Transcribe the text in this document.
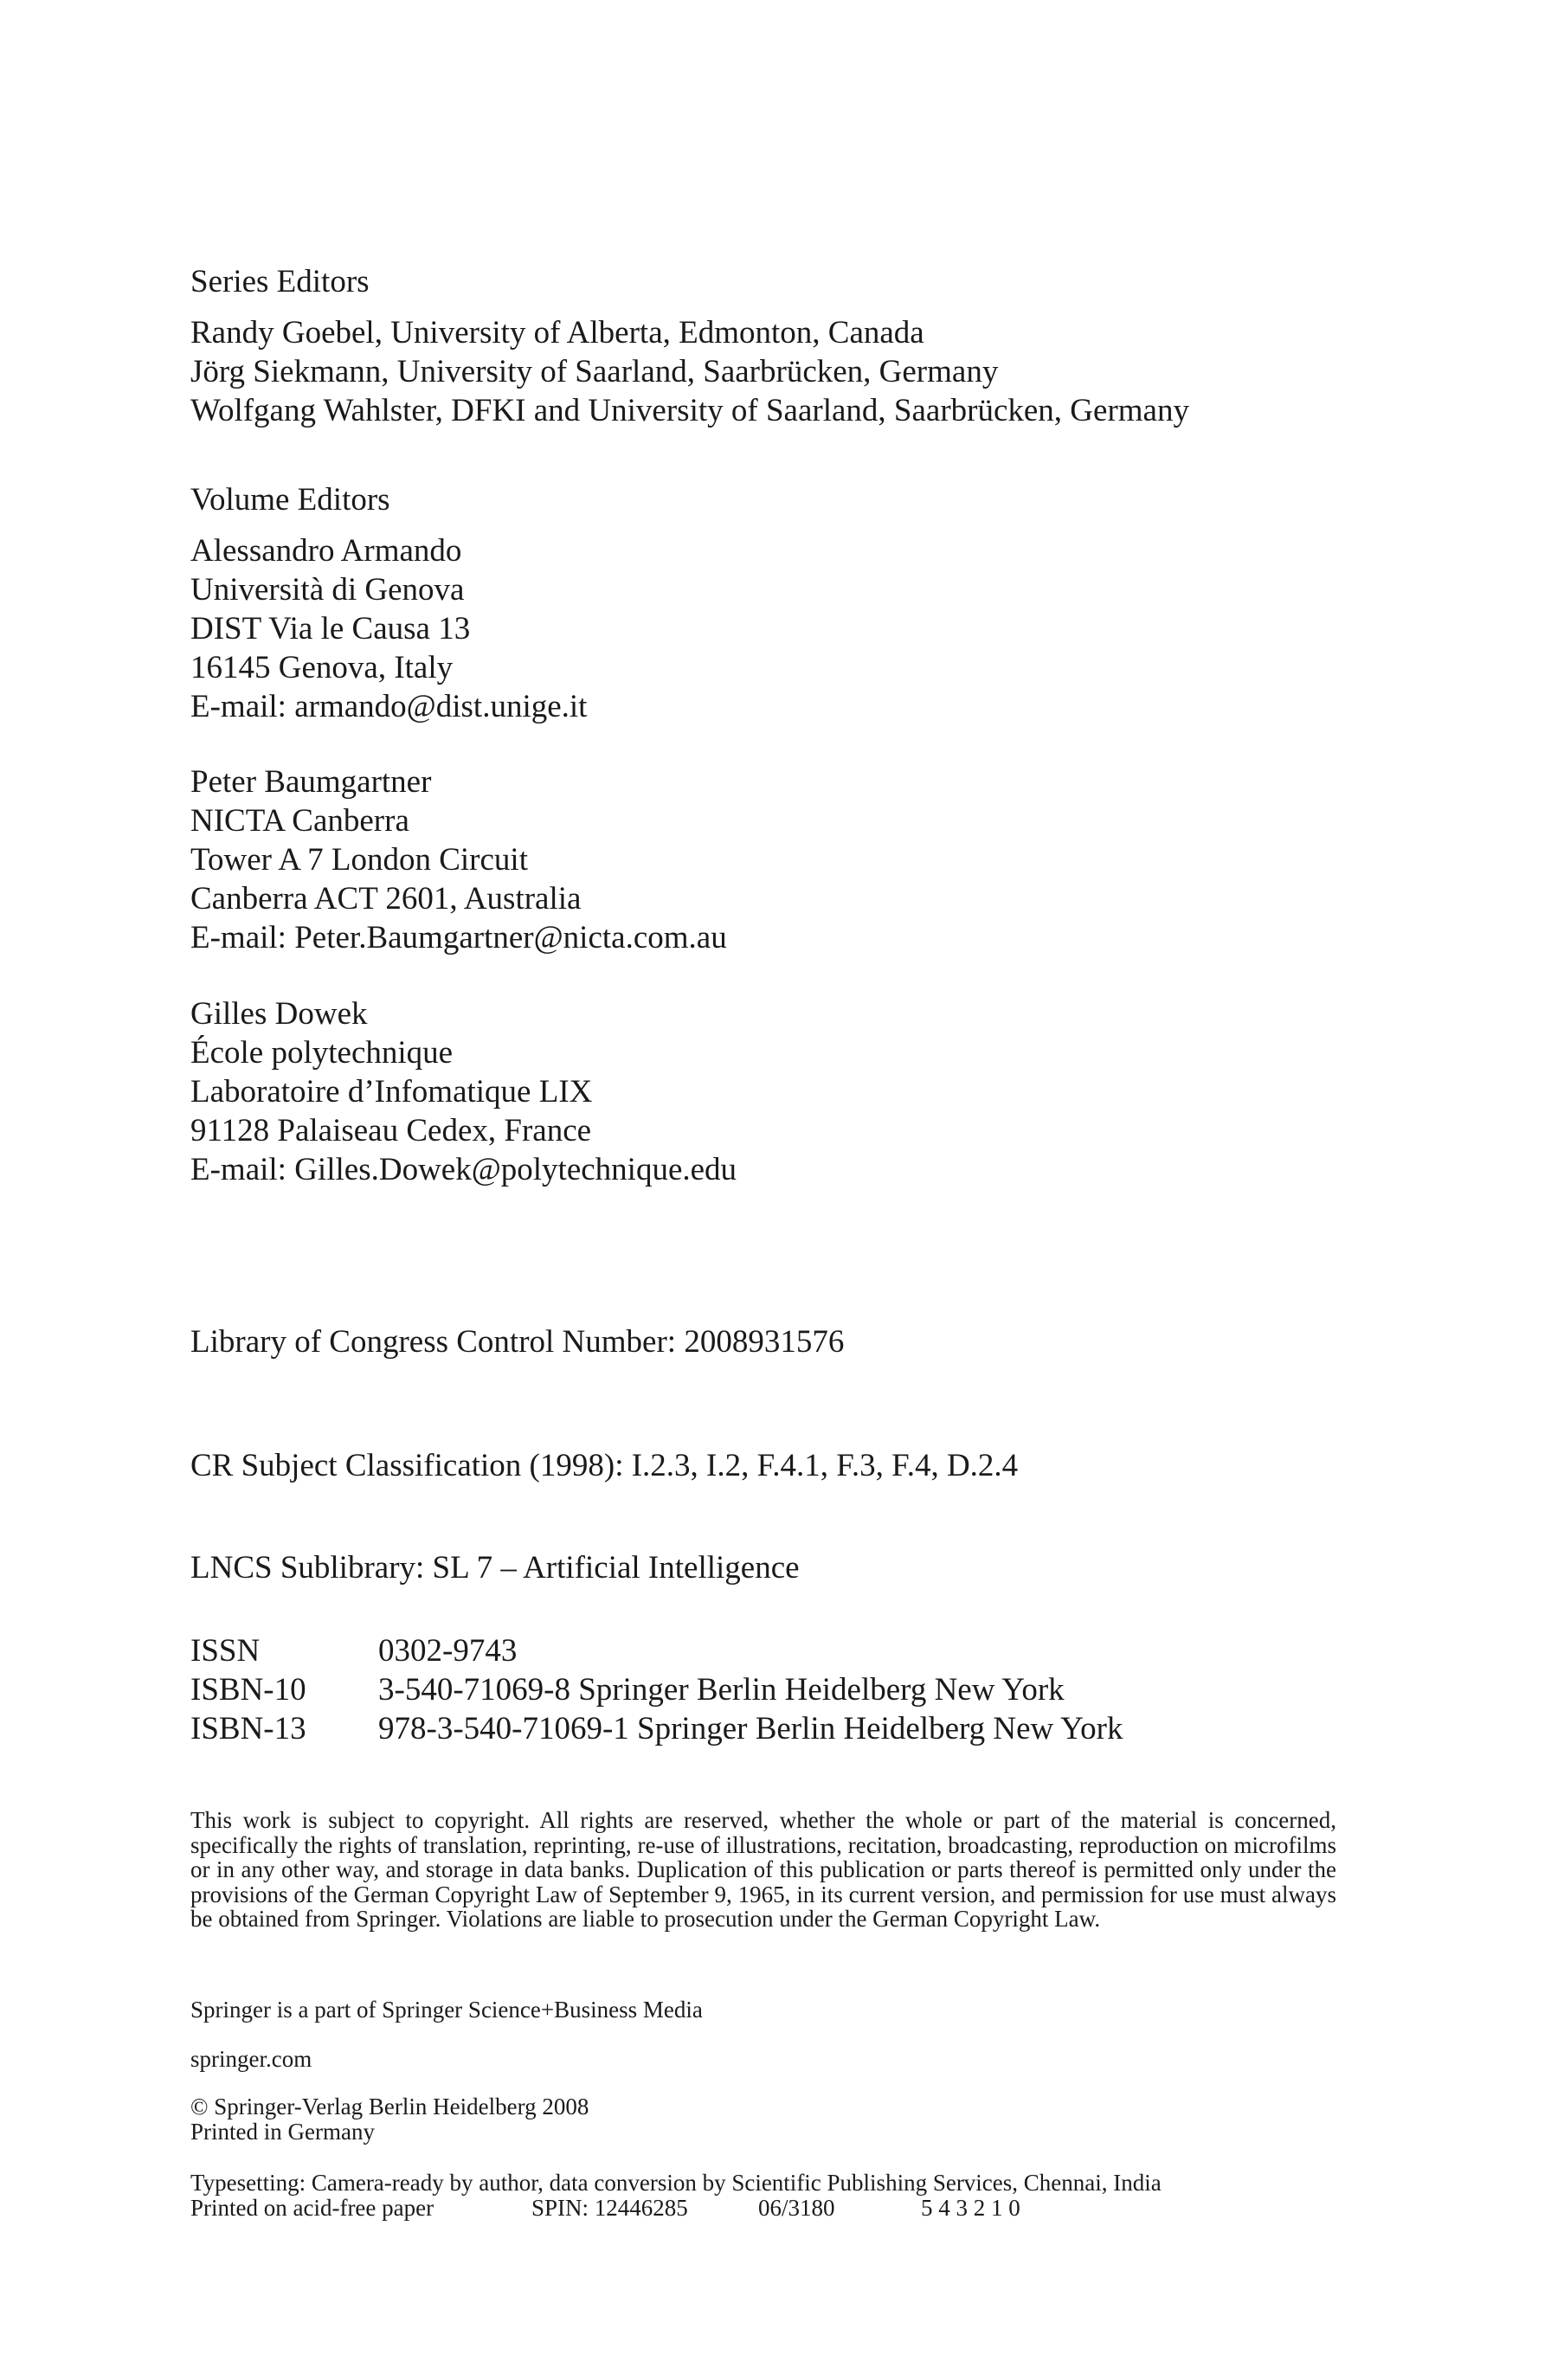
Series Editors
Randy Goebel, University of Alberta, Edmonton, Canada
Jörg Siekmann, University of Saarland, Saarbrücken, Germany
Wolfgang Wahlster, DFKI and University of Saarland, Saarbrücken, Germany
Volume Editors
Alessandro Armando
Università di Genova
DIST Via le Causa 13
16145 Genova, Italy
E-mail: armando@dist.unige.it
Peter Baumgartner
NICTA Canberra
Tower A 7 London Circuit
Canberra ACT 2601, Australia
E-mail: Peter.Baumgartner@nicta.com.au
Gilles Dowek
École polytechnique
Laboratoire d’Infomatique LIX
91128 Palaiseau Cedex, France
E-mail: Gilles.Dowek@polytechnique.edu
Library of Congress Control Number: 2008931576
CR Subject Classification (1998): I.2.3, I.2, F.4.1, F.3, F.4, D.2.4
LNCS Sublibrary: SL 7 – Artificial Intelligence
ISSN	0302-9743
ISBN-10	3-540-71069-8 Springer Berlin Heidelberg New York
ISBN-13	978-3-540-71069-1 Springer Berlin Heidelberg New York
This work is subject to copyright. All rights are reserved, whether the whole or part of the material is concerned, specifically the rights of translation, reprinting, re-use of illustrations, recitation, broadcasting, reproduction on microfilms or in any other way, and storage in data banks. Duplication of this publication or parts thereof is permitted only under the provisions of the German Copyright Law of September 9, 1965, in its current version, and permission for use must always be obtained from Springer. Violations are liable to prosecution under the German Copyright Law.
Springer is a part of Springer Science+Business Media
springer.com
© Springer-Verlag Berlin Heidelberg 2008
Printed in Germany
Typesetting: Camera-ready by author, data conversion by Scientific Publishing Services, Chennai, India
Printed on acid-free paper	SPIN: 12446285	06/3180	5 4 3 2 1 0
